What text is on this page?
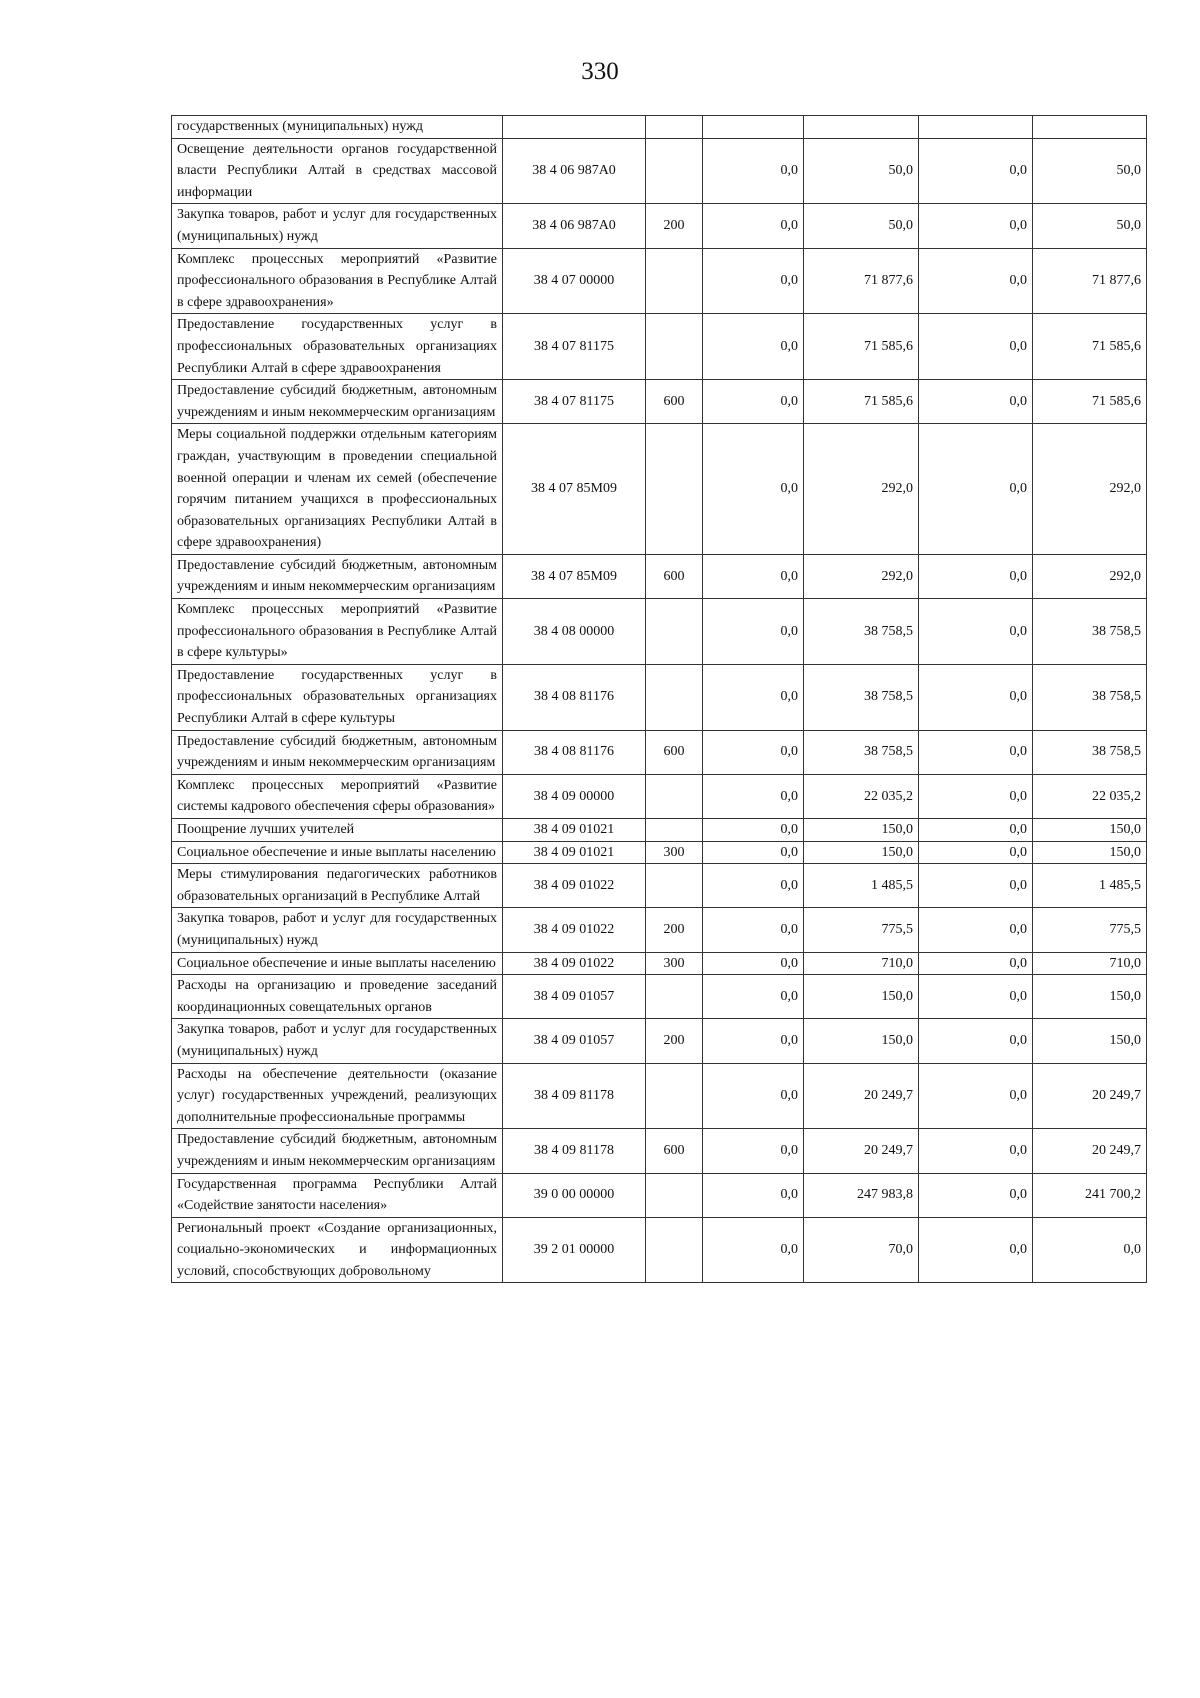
330
государственных (муниципальных) нужд						
Освещение деятельности органов государственной власти Республики Алтай в средствах массовой информации	38 4 06 987A0		0,0	50,0	0,0	50,0
Закупка товаров, работ и услуг для государственных (муниципальных) нужд	38 4 06 987A0	200	0,0	50,0	0,0	50,0
Комплекс процессных мероприятий «Развитие профессионального образования в Республике Алтай в сфере здравоохранения»	38 4 07 00000		0,0	71 877,6	0,0	71 877,6
Предоставление государственных услуг в профессиональных образовательных организациях Республики Алтай в сфере здравоохранения	38 4 07 81175		0,0	71 585,6	0,0	71 585,6
Предоставление субсидий бюджетным, автономным учреждениям и иным некоммерческим организациям	38 4 07 81175	600	0,0	71 585,6	0,0	71 585,6
Меры социальной поддержки отдельным категориям граждан, участвующим в проведении специальной военной операции и членам их семей (обеспечение горячим питанием учащихся в профессиональных образовательных организациях Республики Алтай в сфере здравоохранения)	38 4 07 85M09		0,0	292,0	0,0	292,0
Предоставление субсидий бюджетным, автономным учреждениям и иным некоммерческим организациям	38 4 07 85M09	600	0,0	292,0	0,0	292,0
Комплекс процессных мероприятий «Развитие профессионального образования в Республике Алтай в сфере культуры»	38 4 08 00000		0,0	38 758,5	0,0	38 758,5
Предоставление государственных услуг в профессиональных образовательных организациях Республики Алтай в сфере культуры	38 4 08 81176		0,0	38 758,5	0,0	38 758,5
Предоставление субсидий бюджетным, автономным учреждениям и иным некоммерческим организациям	38 4 08 81176	600	0,0	38 758,5	0,0	38 758,5
Комплекс процессных мероприятий «Развитие системы кадрового обеспечения сферы образования»	38 4 09 00000		0,0	22 035,2	0,0	22 035,2
Поощрение лучших учителей	38 4 09 01021		0,0	150,0	0,0	150,0
Социальное обеспечение и иные выплаты населению	38 4 09 01021	300	0,0	150,0	0,0	150,0
Меры стимулирования педагогических работников образовательных организаций в Республике Алтай	38 4 09 01022		0,0	1 485,5	0,0	1 485,5
Закупка товаров, работ и услуг для государственных (муниципальных) нужд	38 4 09 01022	200	0,0	775,5	0,0	775,5
Социальное обеспечение и иные выплаты населению	38 4 09 01022	300	0,0	710,0	0,0	710,0
Расходы на организацию и проведение заседаний координационных совещательных органов	38 4 09 01057		0,0	150,0	0,0	150,0
Закупка товаров, работ и услуг для государственных (муниципальных) нужд	38 4 09 01057	200	0,0	150,0	0,0	150,0
Расходы на обеспечение деятельности (оказание услуг) государственных учреждений, реализующих дополнительные профессиональные программы	38 4 09 81178		0,0	20 249,7	0,0	20 249,7
Предоставление субсидий бюджетным, автономным учреждениям и иным некоммерческим организациям	38 4 09 81178	600	0,0	20 249,7	0,0	20 249,7
Государственная программа Республики Алтай «Содействие занятости населения»	39 0 00 00000		0,0	247 983,8	0,0	241 700,2
Региональный проект «Создание организационных, социально-экономических и информационных условий, способствующих добровольному	39 2 01 00000		0,0	70,0	0,0	0,0
